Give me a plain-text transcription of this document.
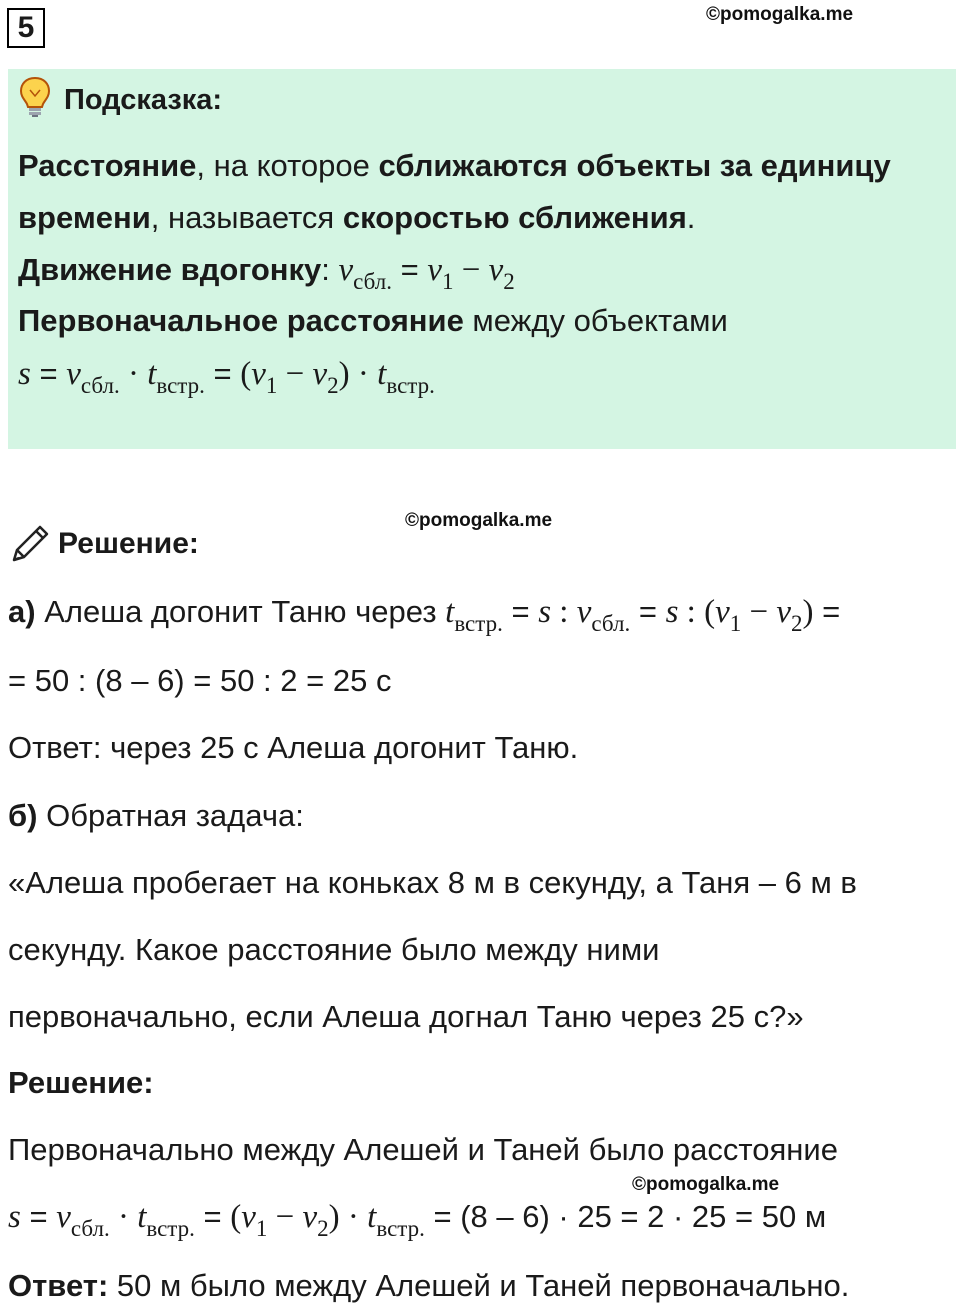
5	©pomogalka.me
©pomogalka.me
©pomogalka.me
Подсказка:
Расстояние, на которое сближаются объекты за единицу
времени, называется скоростью сближения.
Движение вдогонку: $v_{сбл.} = v_1 - v_2$
Первоначальное расстояние между объектами
$s = v_{сбл.} \cdot t_{встр.} = (v_1 - v_2) \cdot t_{встр.}$
Решение:
а) Алеша догонит Таню через $t_{встр.} = s$ : $v_{сбл.} = s$ : $(v_1 - v_2)$ =
= 50 : (8 – 6) = 50 : 2 = 25 с
Ответ: через 25 с Алеша догонит Таню.
б) Обратная задача:
«Алеша пробегает на коньках 8 м в секунду, а Таня – 6 м в
секунду. Какое расстояние было между ними
первоначально, если Алеша догнал Таню через 25 с?»
Решение:
Первоначально между Алешей и Таней было расстояние
$s = v_{сбл.} \cdot t_{встр.} = (v_1 - v_2) \cdot t_{встр.} = (8 - 6) \cdot 25 = 2 \cdot 25 = 50$ м
Ответ: 50 м было между Алешей и Таней первоначально.
